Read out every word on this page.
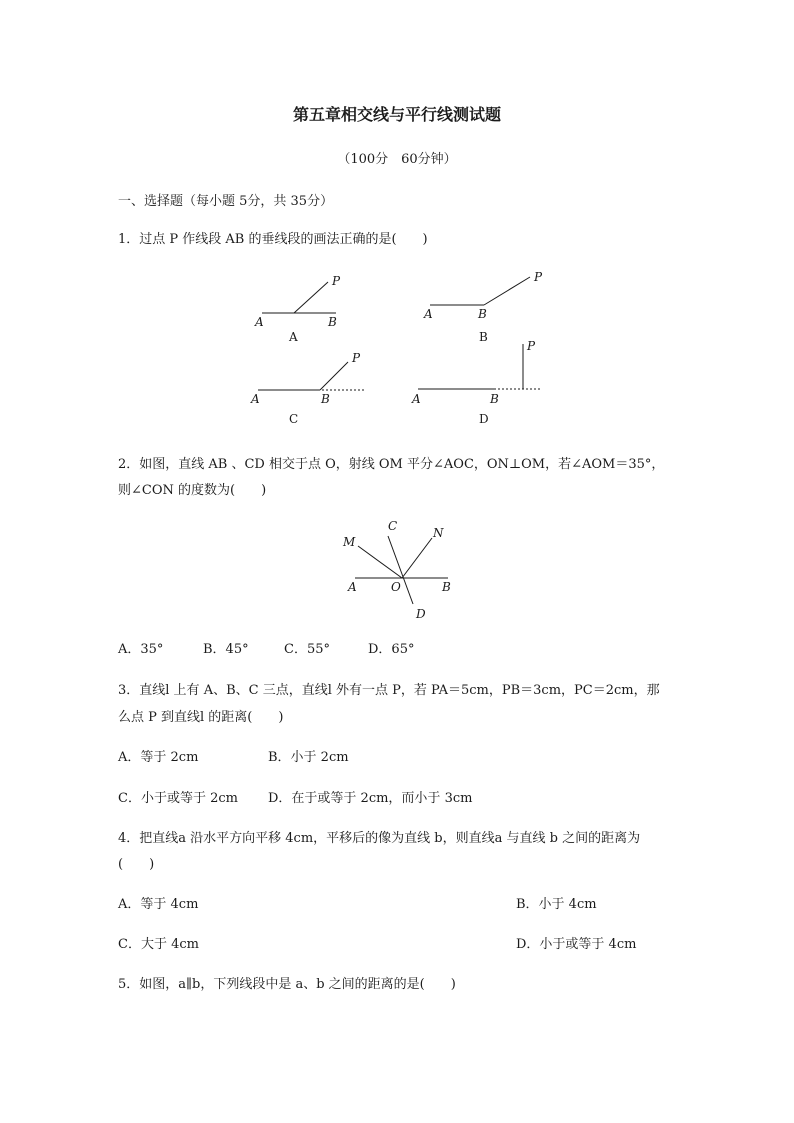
第五章相交线与平行线测试题
（100分　60分钟）
一、选择题（每小题 5分，共 35分）
1．过点 P 作线段 AB 的垂线段的画法正确的是(　　)
A	B
P
A
A	B
P
B
A	B
P
C
A	B
P
D
2．如图，直线 AB 、CD 相交于点 O，射线 OM 平分∠AOC，ON⊥OM，若∠AOM＝35°，
则∠CON 的度数为(　　)
M
C	N
A	O	B
D
A．35°	B．45°	C．55°	D．65°
3．直线l 上有 A、B、C 三点，直线l 外有一点 P，若 PA＝5cm，PB＝3cm，PC＝2cm，那
么点 P 到直线l 的距离(　　)
A．等于 2cm	B．小于 2cm
C．小于或等于 2cm D．在于或等于 2cm，而小于 3cm
4．把直线a 沿水平方向平移 4cm，平移后的像为直线 b，则直线a 与直线 b 之间的距离为
(　　)
A．等于 4cm	B．小于 4cm
C．大于 4cm	D．小于或等于 4cm
5．如图，a∥b，下列线段中是 a、b 之间的距离的是(　　)
